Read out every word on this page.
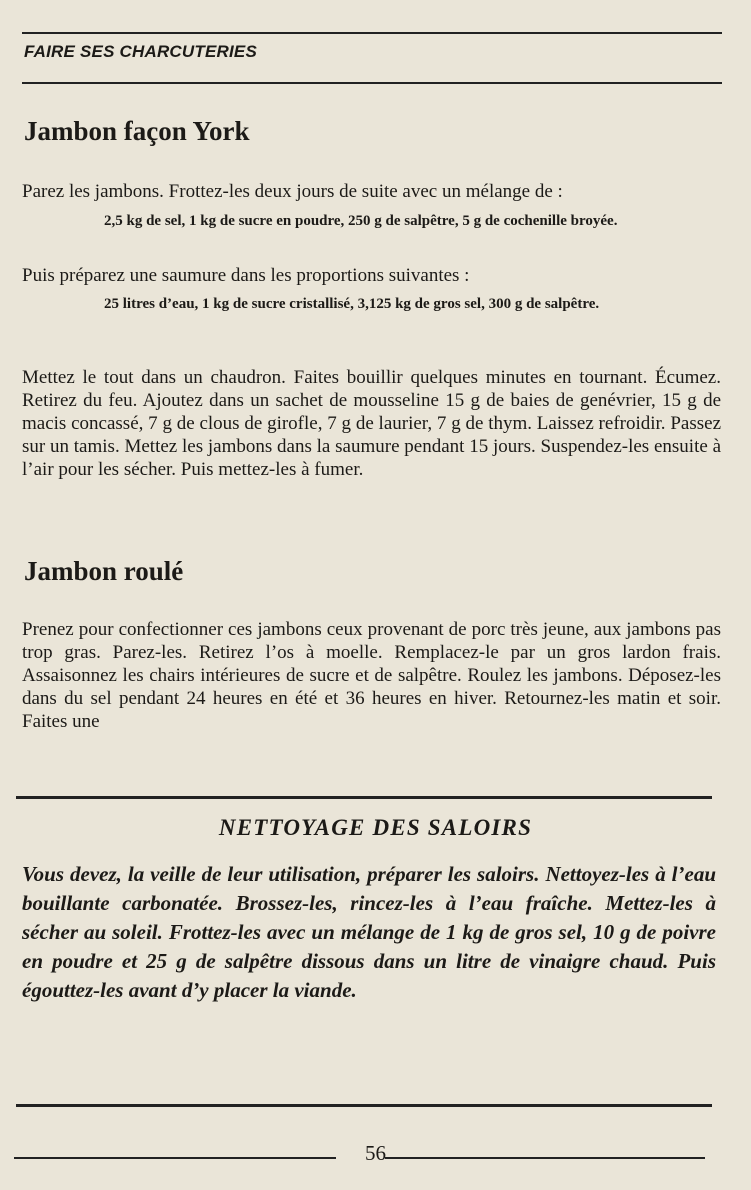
FAIRE SES CHARCUTERIES
Jambon façon York

Parez les jambons. Frottez-les deux jours de suite avec un mélange de :

2,5 kg de sel, 1 kg de sucre en poudre, 250 g de salpêtre, 5 g de cochenille broyée.

Puis préparez une saumure dans les proportions suivantes :

25 litres d’eau, 1 kg de sucre cristallisé, 3,125 kg de gros sel, 300 g de salpêtre.

Mettez le tout dans un chaudron. Faites bouillir quelques minutes en tournant. Écumez. Retirez du feu. Ajoutez dans un sachet de mousseline 15 g de baies de genévrier, 15 g de macis concassé, 7 g de clous de girofle, 7 g de laurier, 7 g de thym. Laissez refroidir. Passez sur un tamis. Mettez les jambons dans la saumure pendant 15 jours. Suspendez-les ensuite à l’air pour les sécher. Puis mettez-les à fumer.

Jambon roulé

Prenez pour confectionner ces jambons ceux provenant de porc très jeune, aux jambons pas trop gras. Parez-les. Retirez l’os à moelle. Remplacez-le par un gros lardon frais. Assaisonnez les chairs intérieures de sucre et de salpêtre. Roulez les jambons. Déposez-les dans du sel pendant 24 heures en été et 36 heures en hiver. Retournez-les matin et soir. Faites une

NETTOYAGE DES SALOIRS

Vous devez, la veille de leur utilisation, préparer les saloirs. Nettoyez-les à l’eau bouillante carbonatée. Brossez-les, rincez-les à l’eau fraîche. Mettez-les à sécher au soleil. Frottez-les avec un mélange de 1 kg de gros sel, 10 g de poivre en poudre et 25 g de salpêtre dissous dans un litre de vinaigre chaud. Puis égouttez-les avant d’y placer la viande.

56
